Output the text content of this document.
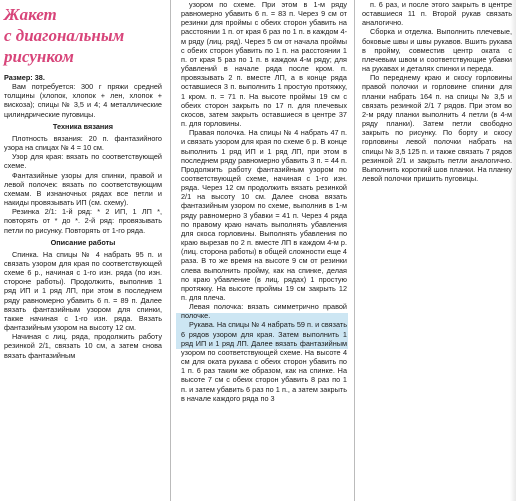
Жакет
с диагональным
рисунком

Размер: 38.

Вам потребуется: 300 г пряжи средней толщины (хлопок, хлопок + лен, хлопок + вискоза); спицы № 3,5 и 4; 4 металлические цилиндрические пуговицы.

Техника вязания

Плотность вязания: 20 п. фантазийного узора на спицах № 4 = 10 см.

Узор для края: вязать по соответствующей схеме.

Фантазийные узоры для спинки, правой и левой полочек: вязать по соответствующим схемам. В изнаночных рядах все петли и накиды провязывать ИП (см. схему).

Резинка 2/1: 1-й ряд: * 2 ИП, 1 ЛП *, повторять от * до *. 2-й ряд: провязывать петли по рисунку. Повторять от 1-го ряда.

Описание работы

Спинка. На спицы № 4 набрать 95 п. и связать узором для края по соответствующей схеме 6 р., начиная с 1-го изн. ряда (по изн. стороне работы). Продолжить, выполнив 1 ряд ИП и 1 ряд ЛП, при этом в последнем ряду равномерно убавить 6 п. = 89 п. Далее вязать фантазийным узором для спинки, также начиная с 1-го изн. ряда. Вязать фантазийным узором на высоту 12 см.

Начиная с лиц. ряда, продолжить работу резинкой 2/1, связать 10 см, а затем снова вязать фантазийным

узором по схеме. При этом в 1-м ряду равномерно убавить 6 п. = 83 п. Через 9 см от резинки для проймы с обеих сторон убавить на расстоянии 1 п. от края 6 раз по 1 п. в каждом 4-м ряду (лиц. ряд). Через 5 см от начала проймы с обеих сторон убавить по 1 п. на расстоянии 1 п. от края 5 раз по 1 п. в каждом 4-м ряду; для убавлений в начале ряда после кром. п. провязывать 2 п. вместе ЛП, а в конце ряда оставшиеся 3 п. выполнить 1 простую протяжку, 1 кром. п. = 71 п. На высоте проймы 19 см с обеих сторон закрыть по 17 п. для плечевых скосов, затем закрыть оставшиеся в центре 37 п. для горловины.

Правая полочка. На спицы № 4 набрать 47 п. и связать узором для края по схеме 6 р. В конце выполнить 1 ряд ИП и 1 ряд ЛП, при этом в последнем ряду равномерно убавить 3 п. = 44 п. Продолжить работу фантазийным узором по соответствующей схеме, начиная с 1-го изн. ряда. Через 12 см продолжить вязать резинкой 2/1 на высоту 10 см. Далее снова вязать фантазийным узором по схеме, выполнив в 1-м ряду равномерно 3 убавки = 41 п. Через 4 ряда по правому краю начать выполнять убавления для скоса горловины. Выполнять убавления по краю вырезав по 2 п. вместе ЛП в каждом 4-м р. (лиц. сторона работы) в общей сложности еще 4 раза. В то же время на высоте 9 см от резинки слева выполнить пройму, как на спинке, делая по краю убавление (в лиц. рядах) 1 простую протяжку. На высоте проймы 19 см закрыть 12 п. для плеча.

Левая полочка: вязать симметрично правой полочке.

Рукава. На спицы № 4 набрать 59 п. и связать 6 рядов узором для края. Затем выполнить 1 ряд ИП и 1 ряд ЛП. Далее вязать фантазийным узором по соответствующей схеме. На высоте 4 см для оката рукава с обеих сторон убавить по 1 п. 6 раз таким же образом, как на спинке. На высоте 7 см с обеих сторон убавить 8 раз по 1 п. и затем убавить 6 раз по 1 п., а затем закрыть в начале каждого ряда по 3

п. 6 раз, и после этого закрыть в центре оставшиеся 11 п. Второй рукав связать аналогично.

Сборка и отделка. Выполнить плечевые, боковые швы и швы рукавов. Вшить рукава в пройму, совместив центр оката с плечевым швом и соответствующие убавки на рукавах и деталях спинки и переда.

По переднему краю и скосу горловины правой полочки и горловине спинки для планки набрать 164 п. на спицы № 3,5 и связать резинкой 2/1 7 рядов. При этом во 2-м ряду планки выполнить 4 петли (в 4-м ряду планки). Затем петли свободно закрыть по рисунку. По борту и скосу горловины левой полочки набрать на спицы № 3,5 125 п. и также связать 7 рядов резинкой 2/1 и закрыть петли аналогично. Выполнить короткий шов планки. На планку левой полочки пришить пуговицы.
